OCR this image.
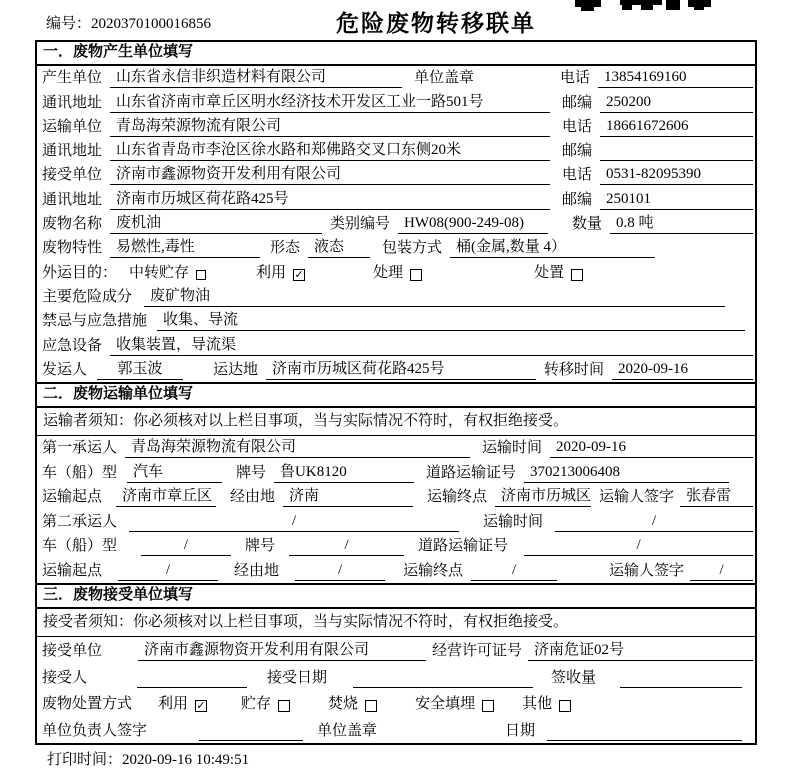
编号：2020370100016856	危险废物转移联单
一．废物产生单位填写
产生单位 山东省永信非织造材料有限公司	单位盖章	电话 13854169160
通讯地址 山东省济南市章丘区明水经济技术开发区工业一路501号	邮编 250200
运输单位 青岛海荣源物流有限公司	电话 18661672606
通讯地址 山东省青岛市李沧区徐水路和郑佛路交叉口东侧20米	邮编
接受单位 济南市鑫源物资开发利用有限公司	电话 0531-82095390
通讯地址 济南市历城区荷花路425号	邮编 250101
废物名称 废机油	类别编号 HW08(900-249-08)	数量 0.8 吨
废物特性 易燃性,毒性	形态 液态	包装方式 桶(金属,数量 4）
外运目的： 中转贮存	利用 ✓	处理	处置
主要危险成分	废矿物油
禁忌与应急措施	收集、导流
应急设备 收集装置，导流渠
发运人	郭玉波	运达地 济南市历城区荷花路425号	转移时间 2020-09-16
二．废物运输单位填写
运输者须知：你必须核对以上栏目事项，当与实际情况不符时，有权拒绝接受。
第一承运人 青岛海荣源物流有限公司	运输时间 2020-09-16
车（船）型	汽车	牌号 鲁UK8120	道路运输证号 370213006408
运输起点	济南市章丘区 经由地 济南	运输终点 济南市历城区 运输人签字 张春雷
第二承运人	/	运输时间	/
车（船）型	/	牌号	/	道路运输证号	/
运输起点	/	经由地	/	运输终点	/	运输人签字	/
三．废物接受单位填写
接受者须知：你必须核对以上栏目事项，当与实际情况不符时，有权拒绝接受。
接受单位	济南市鑫源物资开发利用有限公司	经营许可证号 济南危证02号
接受人	接受日期	签收量
废物处置方式 利用 ✓ 贮存	焚烧	安全填埋	其他
单位负责人签字	单位盖章	日期
打印时间：2020-09-16 10:49:51
